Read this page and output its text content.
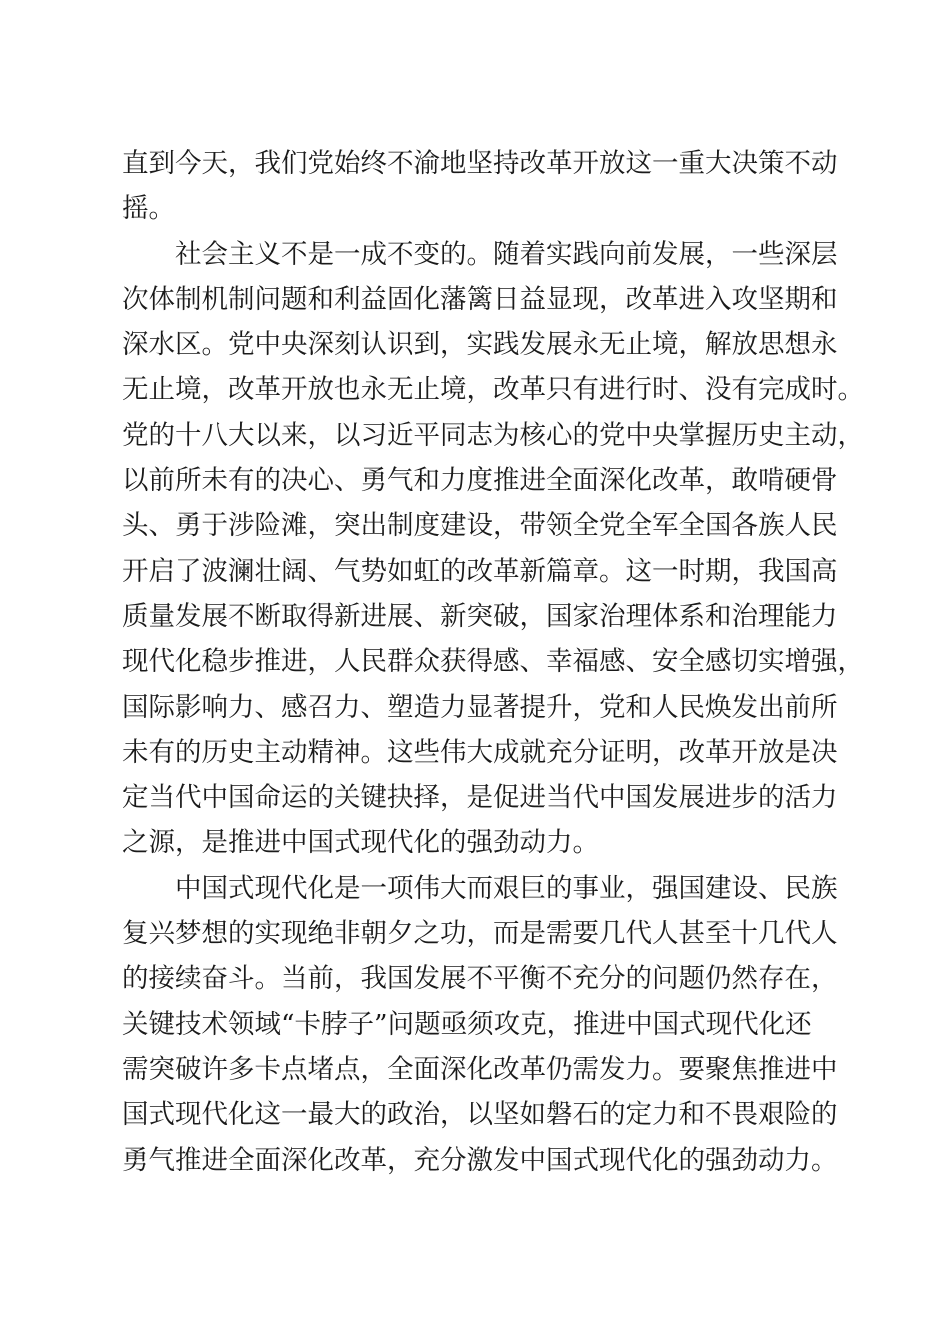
直到今天，我们党始终不渝地坚持改革开放这一重大决策不动
摇。
社会主义不是一成不变的。随着实践向前发展，一些深层
次体制机制问题和利益固化藩篱日益显现，改革进入攻坚期和
深水区。党中央深刻认识到，实践发展永无止境，解放思想永
无止境，改革开放也永无止境，改革只有进行时、没有完成时。
党的十八大以来，以习近平同志为核心的党中央掌握历史主动，
以前所未有的决心、勇气和力度推进全面深化改革，敢啃硬骨
头、勇于涉险滩，突出制度建设，带领全党全军全国各族人民
开启了波澜壮阔、气势如虹的改革新篇章。这一时期，我国高
质量发展不断取得新进展、新突破，国家治理体系和治理能力
现代化稳步推进，人民群众获得感、幸福感、安全感切实增强，
国际影响力、感召力、塑造力显著提升，党和人民焕发出前所
未有的历史主动精神。这些伟大成就充分证明，改革开放是决
定当代中国命运的关键抉择，是促进当代中国发展进步的活力
之源，是推进中国式现代化的强劲动力。
中国式现代化是一项伟大而艰巨的事业，强国建设、民族
复兴梦想的实现绝非朝夕之功，而是需要几代人甚至十几代人
的接续奋斗。当前，我国发展不平衡不充分的问题仍然存在，
关键技术领域“卡脖子”问题亟须攻克，推进中国式现代化还
需突破许多卡点堵点，全面深化改革仍需发力。要聚焦推进中
国式现代化这一最大的政治，以坚如磐石的定力和不畏艰险的
勇气推进全面深化改革，充分激发中国式现代化的强劲动力。
